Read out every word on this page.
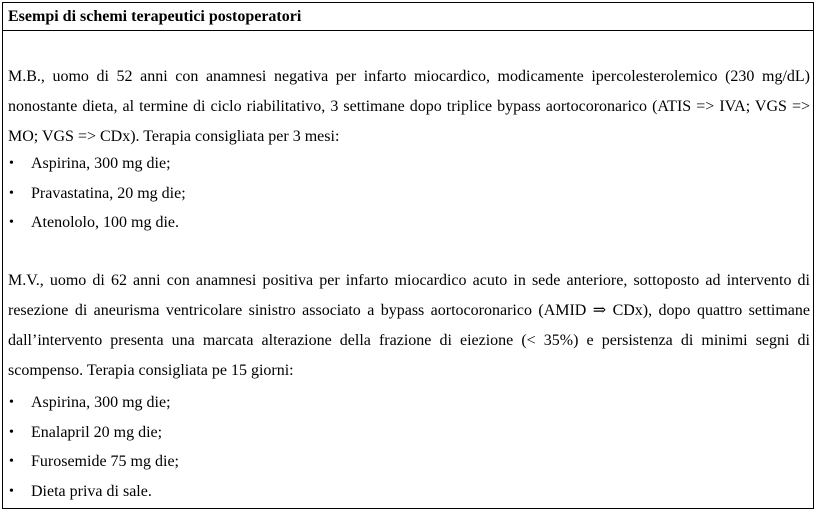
Esempi di schemi terapeutici postoperatori

M.B., uomo di 52 anni con anamnesi negativa per infarto miocardico, modicamente ipercolesterolemico (230 mg/dL) nonostante dieta, al termine di ciclo riabilitativo, 3 settimane dopo triplice bypass aortocoronarico (ATIS => IVA; VGS => MO; VGS => CDx). Terapia consigliata per 3 mesi:

• Aspirina, 300 mg die;
• Pravastatina, 20 mg die;
• Atenololo, 100 mg die.

M.V., uomo di 62 anni con anamnesi positiva per infarto miocardico acuto in sede anteriore, sottoposto ad intervento di resezione di aneurisma ventricolare sinistro associato a bypass aortocoronarico (AMID ⇒ CDx), dopo quattro settimane dall’intervento presenta una marcata alterazione della frazione di eiezione (< 35%) e persistenza di minimi segni di scompenso. Terapia consigliata pe 15 giorni:

• Aspirina, 300 mg die;
• Enalapril 20 mg die;
• Furosemide 75 mg die;
• Dieta priva di sale.
